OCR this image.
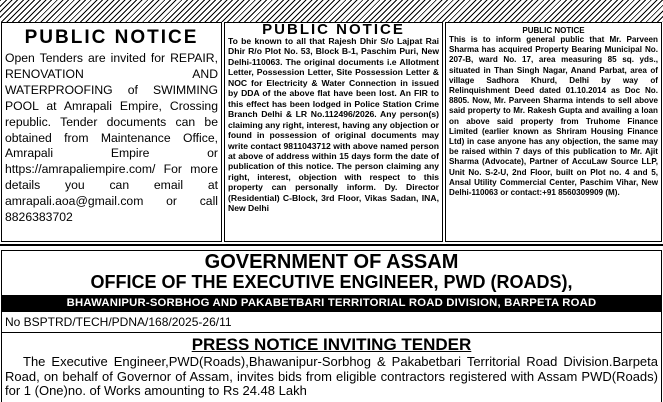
PUBLIC NOTICE
Open Tenders are invited for REPAIR, RENOVATION AND WATERPROOFING of SWIMMING POOL at Amrapali Empire, Crossing republic. Tender documents can be obtained from Maintenance Office, Amrapali Empire or https://amrapaliempire.com/ For more details you can email at amrapali.aoa@gmail.com or call 8826383702
PUBLIC NOTICE
To be known to all that Rajesh Dhir S/o Lajpat Rai Dhir R/o Plot No. 53, Block B-1, Paschim Puri, New Delhi-110063. The original documents i.e Allotment Letter, Possession Letter, Site Possession Letter & NOC for Electricity & Water Connection in issued by DDA of the above flat have been lost. An FIR to this effect has been lodged in Police Station Crime Branch Delhi & LR No.112496/2026. Any person(s) claiming any right, interest, having any objection or found in possession of original documents may write contact 9811043712 with above named person at above of address within 15 days form the date of publication of this notice. The person claiming any right, interest, objection with respect to this property can personally inform. Dy. Director (Residential) C-Block, 3rd Floor, Vikas Sadan, INA, New Delhi
PUBLIC NOTICE
This is to inform general public that Mr. Parveen Sharma has acquired Property Bearing Municipal No. 207-B, ward No. 17, area measuring 85 sq. yds., situated in Than Singh Nagar, Anand Parbat, area of village Sadhora Khurd, Delhi by way of Relinquishment Deed dated 01.10.2014 as Doc No. 8805. Now, Mr. Parveen Sharma intends to sell above said property to Mr. Rakesh Gupta and availing a loan on above said property from Truhome Finance Limited (earlier known as Shriram Housing Finance Ltd) in case anyone has any objection, the same may be raised within 7 days of this publication to Mr. Ajit Sharma (Advocate), Partner of AccuLaw Source LLP, Unit No. S-2-U, 2nd Floor, built on Plot no. 4 and 5, Ansal Utility Commercial Center, Paschim Vihar, New Delhi-110063 or contact:+91 8560309909 (M).
GOVERNMENT OF ASSAM
OFFICE OF THE EXECUTIVE ENGINEER, PWD (ROADS),
BHAWANIPUR-SORBHOG AND PAKABETBARI TERRITORIAL ROAD DIVISION, BARPETA ROAD
No BSPTRD/TECH/PDNA/168/2025-26/11
PRESS NOTICE INVITING TENDER
The Executive Engineer,PWD(Roads),Bhawanipur-Sorbhog & Pakabetbari Territorial Road Division.Barpeta Road, on behalf of Governor of Assam, invites bids from eligible contractors registered with Assam PWD(Roads) for 1 (One)no. of Works amounting to Rs 24.48 Lakh
